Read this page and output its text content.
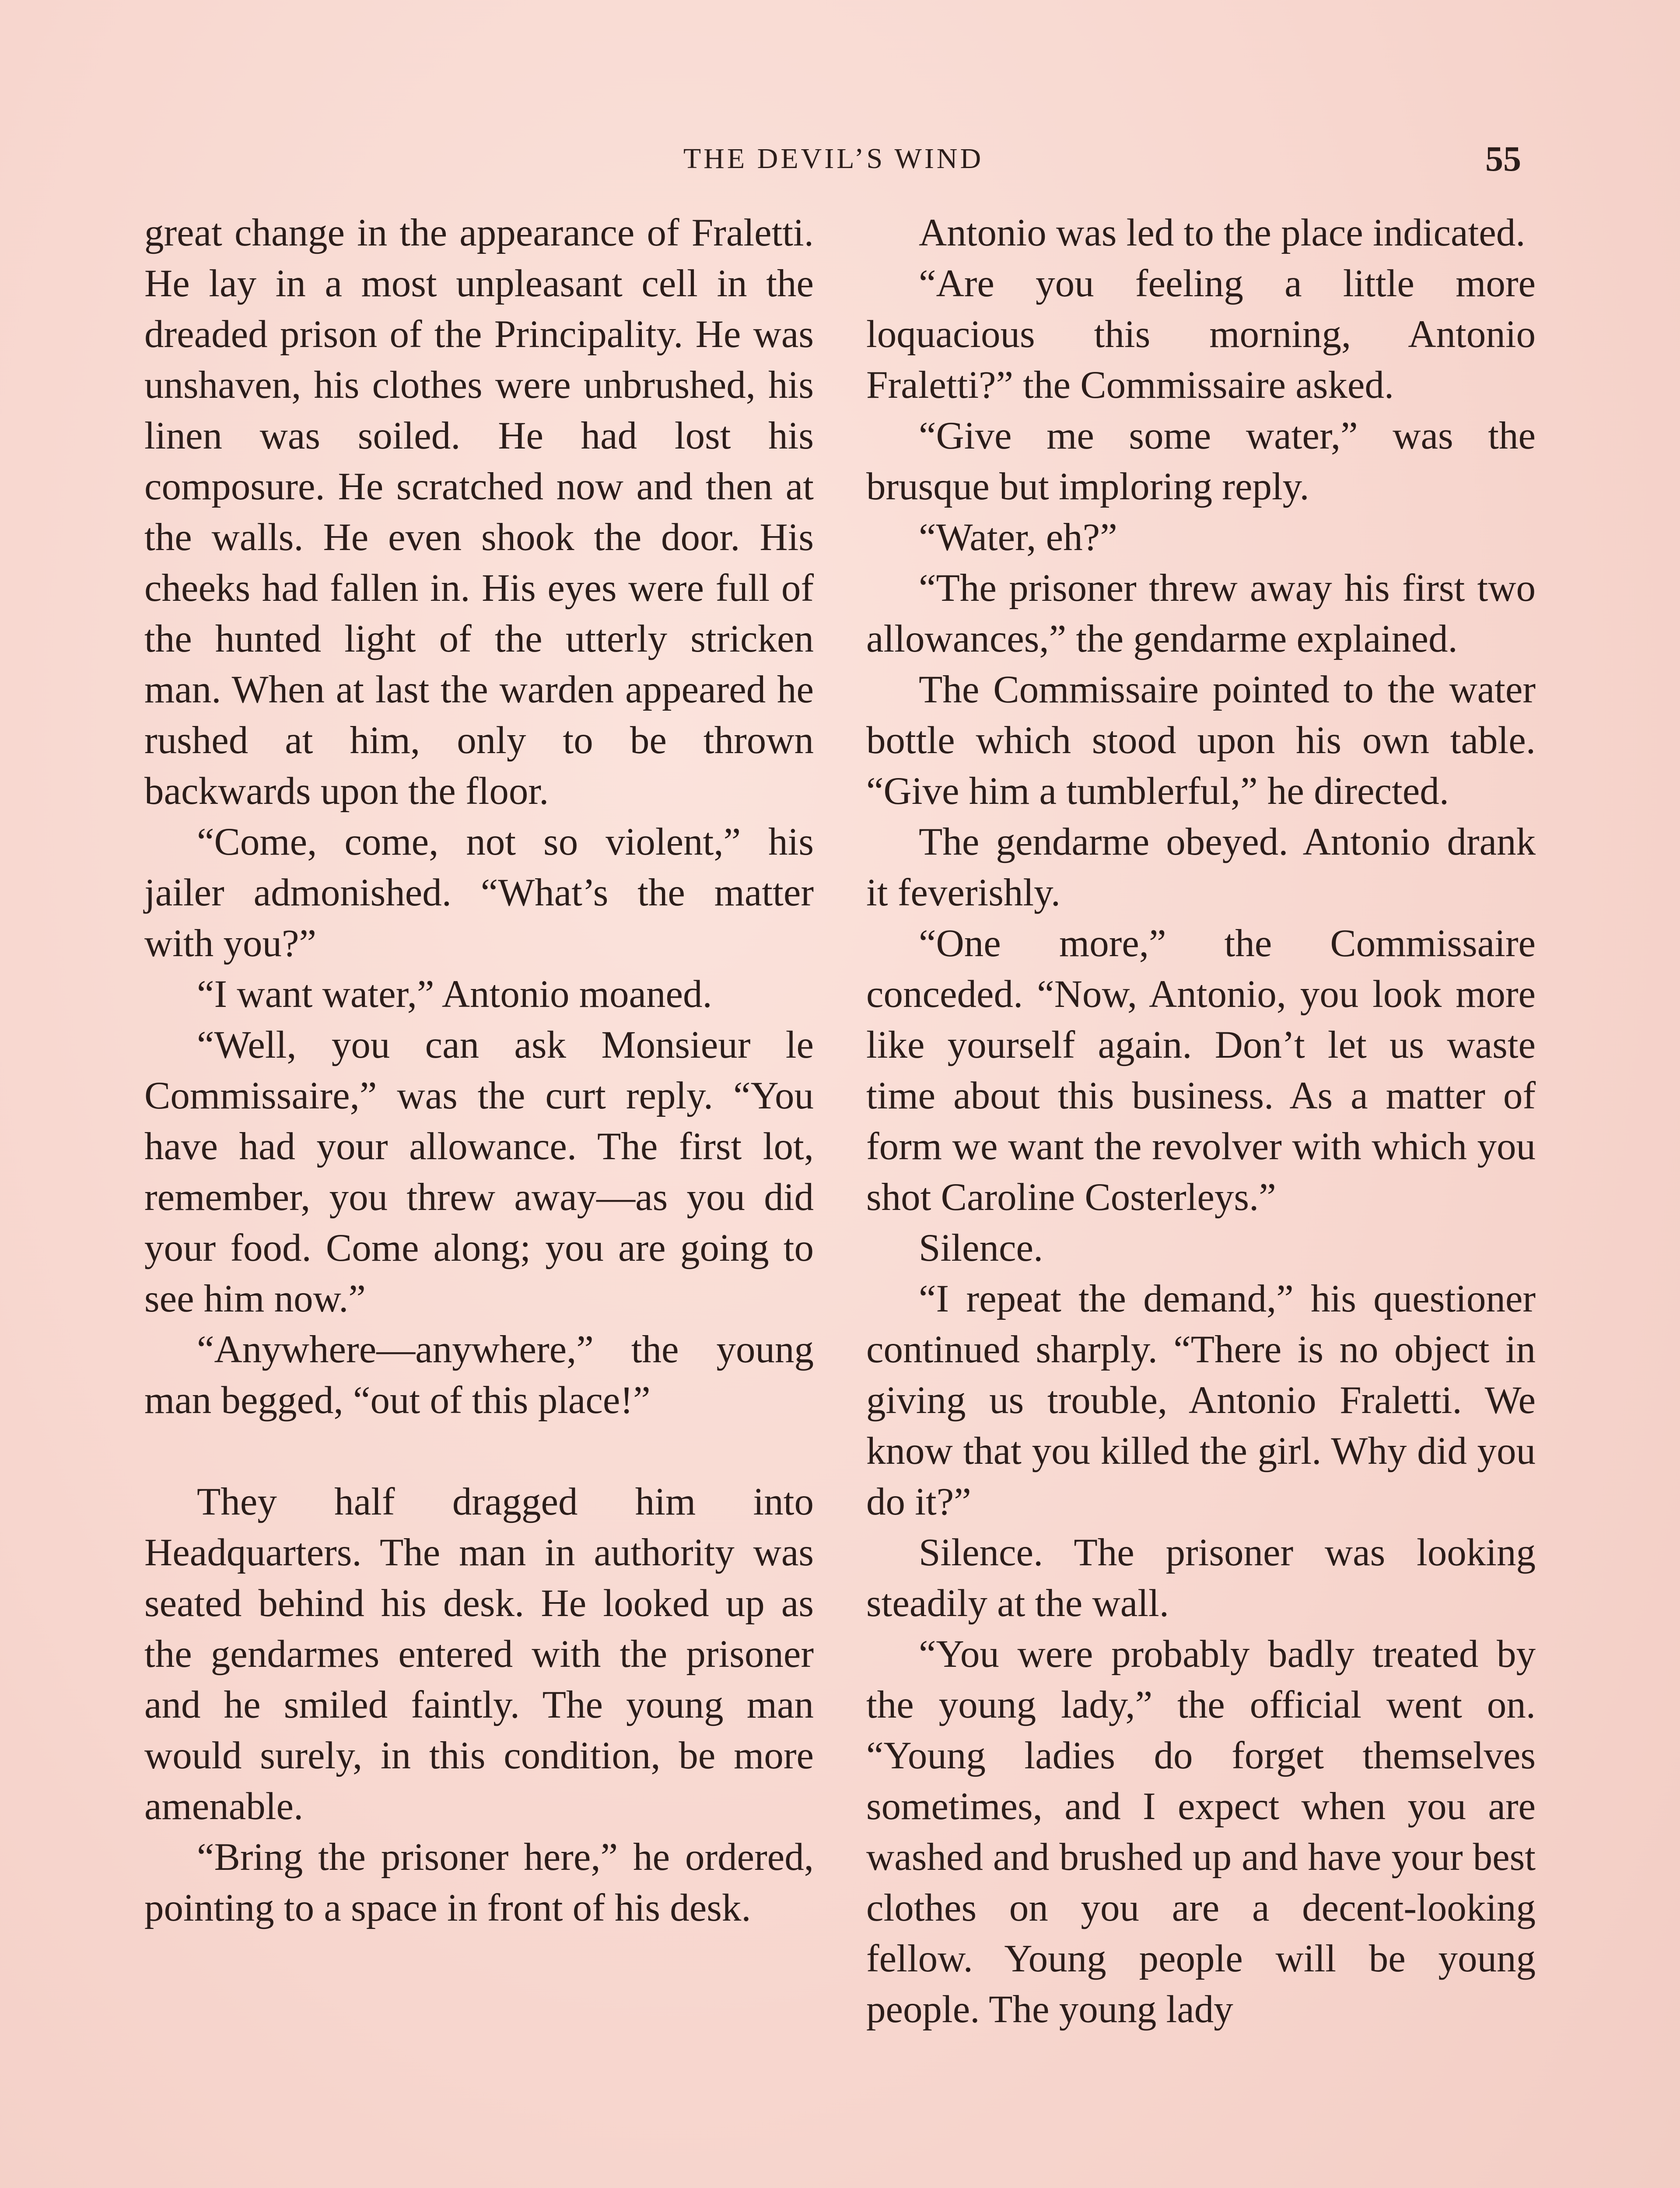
THE DEVIL’S WIND	55

great change in the appearance of Fraletti. He lay in a most unpleasant cell in the dreaded prison of the Principality. He was unshaven, his clothes were unbrushed, his linen was soiled. He had lost his composure. He scratched now and then at the walls. He even shook the door. His cheeks had fallen in. His eyes were full of the hunted light of the utterly stricken man. When at last the warden appeared he rushed at him, only to be thrown backwards upon the floor.

“Come, come, not so violent,” his jailer admonished. “What’s the matter with you?”

“I want water,” Antonio moaned.

“Well, you can ask Monsieur le Commissaire,” was the curt reply. “You have had your allowance. The first lot, remember, you threw away—as you did your food. Come along; you are going to see him now.”

“Anywhere—anywhere,” the young man begged, “out of this place!”

They half dragged him into Headquarters. The man in authority was seated behind his desk. He looked up as the gendarmes entered with the prisoner and he smiled faintly. The young man would surely, in this condition, be more amenable.

“Bring the prisoner here,” he ordered, pointing to a space in front of his desk.

Antonio was led to the place indicated.

“Are you feeling a little more loquacious this morning, Antonio Fraletti?” the Commissaire asked.

“Give me some water,” was the brusque but imploring reply.

“Water, eh?”

“The prisoner threw away his first two allowances,” the gendarme explained.

The Commissaire pointed to the water bottle which stood upon his own table. “Give him a tumblerful,” he directed.

The gendarme obeyed. Antonio drank it feverishly.

“One more,” the Commissaire conceded. “Now, Antonio, you look more like yourself again. Don’t let us waste time about this business. As a matter of form we want the revolver with which you shot Caroline Costerleys.”

Silence.

“I repeat the demand,” his questioner continued sharply. “There is no object in giving us trouble, Antonio Fraletti. We know that you killed the girl. Why did you do it?”

Silence. The prisoner was looking steadily at the wall.

“You were probably badly treated by the young lady,” the official went on. “Young ladies do forget themselves sometimes, and I expect when you are washed and brushed up and have your best clothes on you are a decent-looking fellow. Young people will be young people. The young lady
